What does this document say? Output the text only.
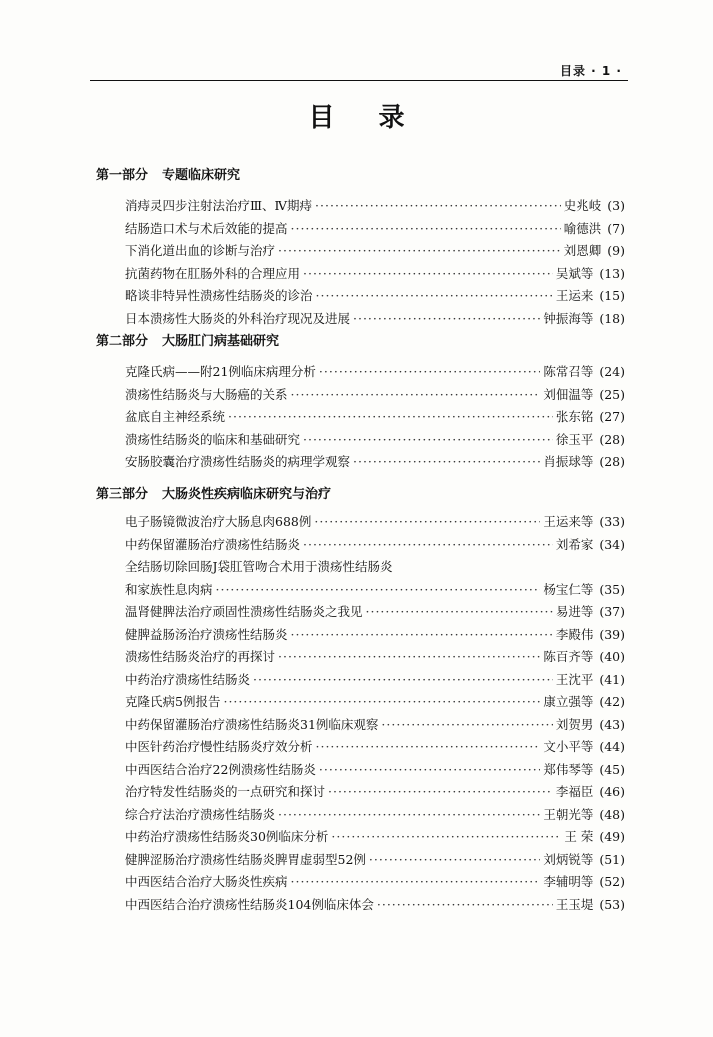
目录 · 1 ·
目录
第一部分 专题临床研究
消痔灵四步注射法治疗Ⅲ、Ⅳ期痔 ·····	史兆岐 (3)
结肠造口术与术后效能的提高 ·····	喻德洪 (7)
下消化道出血的诊断与治疗 ·····	刘恩卿 (9)
抗菌药物在肛肠外科的合理应用 ·····	吴斌等 (13)
略谈非特异性溃疡性结肠炎的诊治 ·····	王运来 (15)
日本溃疡性大肠炎的外科治疗现况及进展 ·····	钟振海等 (18)
第二部分 大肠肛门病基础研究
克隆氏病——附21例临床病理分析 ·····	陈常召等 (24)
溃疡性结肠炎与大肠癌的关系 ·····	刘佃温等 (25)
盆底自主神经系统 ·····	张东铭 (27)
溃疡性结肠炎的临床和基础研究 ·····	徐玉平 (28)
安肠胶囊治疗溃疡性结肠炎的病理学观察 ·····	肖振球等 (28)
第三部分 大肠炎性疾病临床研究与治疗
电子肠镜微波治疗大肠息肉688例 ·····	王运来等 (33)
中药保留灌肠治疗溃疡性结肠炎 ·····	刘希家 (34)
全结肠切除回肠J袋肛管吻合术用于溃疡性结肠炎
和家族性息肉病 ·····	杨宝仁等 (35)
温肾健脾法治疗顽固性溃疡性结肠炎之我见 ·····	易进等 (37)
健脾益肠汤治疗溃疡性结肠炎 ·····	李殿伟 (39)
溃疡性结肠炎治疗的再探讨 ·····	陈百齐等 (40)
中药治疗溃疡性结肠炎 ·····	王沈平 (41)
克隆氏病5例报告 ·····	康立强等 (42)
中药保留灌肠治疗溃疡性结肠炎31例临床观察 ·····	刘贺男 (43)
中医针药治疗慢性结肠炎疗效分析 ·····	文小平等 (44)
中西医结合治疗22例溃疡性结肠炎 ·····	郑伟琴等 (45)
治疗特发性结肠炎的一点研究和探讨 ·····	李福臣 (46)
综合疗法治疗溃疡性结肠炎 ·····	王朝光等 (48)
中药治疗溃疡性结肠炎30例临床分析 ·····	王 荣 (49)
健脾涩肠治疗溃疡性结肠炎脾胃虚弱型52例 ·····	刘炳锐等 (51)
中西医结合治疗大肠炎性疾病 ·····	李辅明等 (52)
中西医结合治疗溃疡性结肠炎104例临床体会 ·····	王玉堤 (53)
